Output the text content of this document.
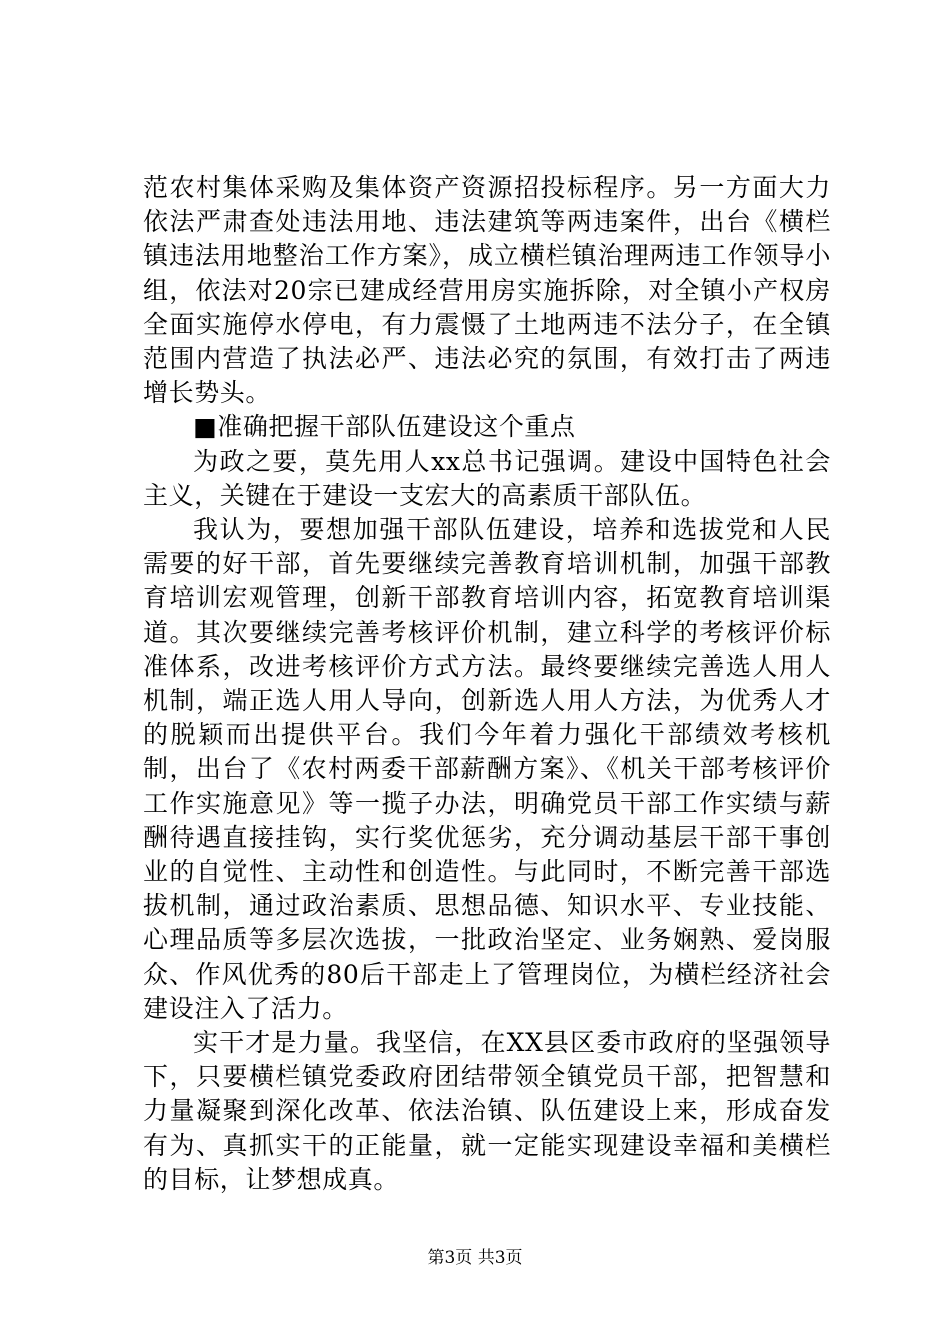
范农村集体采购及集体资产资源招投标程序。另一方面大力依法严肃查处违法用地、违法建筑等两违案件，出台《横栏镇违法用地整治工作方案》，成立横栏镇治理两违工作领导小组，依法对20宗已建成经营用房实施拆除，对全镇小产权房全面实施停水停电，有力震慑了土地两违不法分子，在全镇范围内营造了执法必严、违法必究的氛围，有效打击了两违增长势头。

■准确把握干部队伍建设这个重点

为政之要，莫先用人xx总书记强调。建设中国特色社会主义，关键在于建设一支宏大的高素质干部队伍。

我认为，要想加强干部队伍建设，培养和选拔党和人民需要的好干部，首先要继续完善教育培训机制，加强干部教育培训宏观管理，创新干部教育培训内容，拓宽教育培训渠道。其次要继续完善考核评价机制，建立科学的考核评价标准体系，改进考核评价方式方法。最终要继续完善选人用人机制，端正选人用人导向，创新选人用人方法，为优秀人才的脱颖而出提供平台。我们今年着力强化干部绩效考核机制，出台了《农村两委干部薪酬方案》、《机关干部考核评价工作实施意见》等一揽子办法，明确党员干部工作实绩与薪酬待遇直接挂钩，实行奖优惩劣，充分调动基层干部干事创业的自觉性、主动性和创造性。与此同时，不断完善干部选拔机制，通过政治素质、思想品德、知识水平、专业技能、心理品质等多层次选拔，一批政治坚定、业务娴熟、爱岗服众、作风优秀的80后干部走上了管理岗位，为横栏经济社会建设注入了活力。

实干才是力量。我坚信，在XX县区委市政府的坚强领导下，只要横栏镇党委政府团结带领全镇党员干部，把智慧和力量凝聚到深化改革、依法治镇、队伍建设上来，形成奋发有为、真抓实干的正能量，就一定能实现建设幸福和美横栏的目标，让梦想成真。

第3页 共3页
